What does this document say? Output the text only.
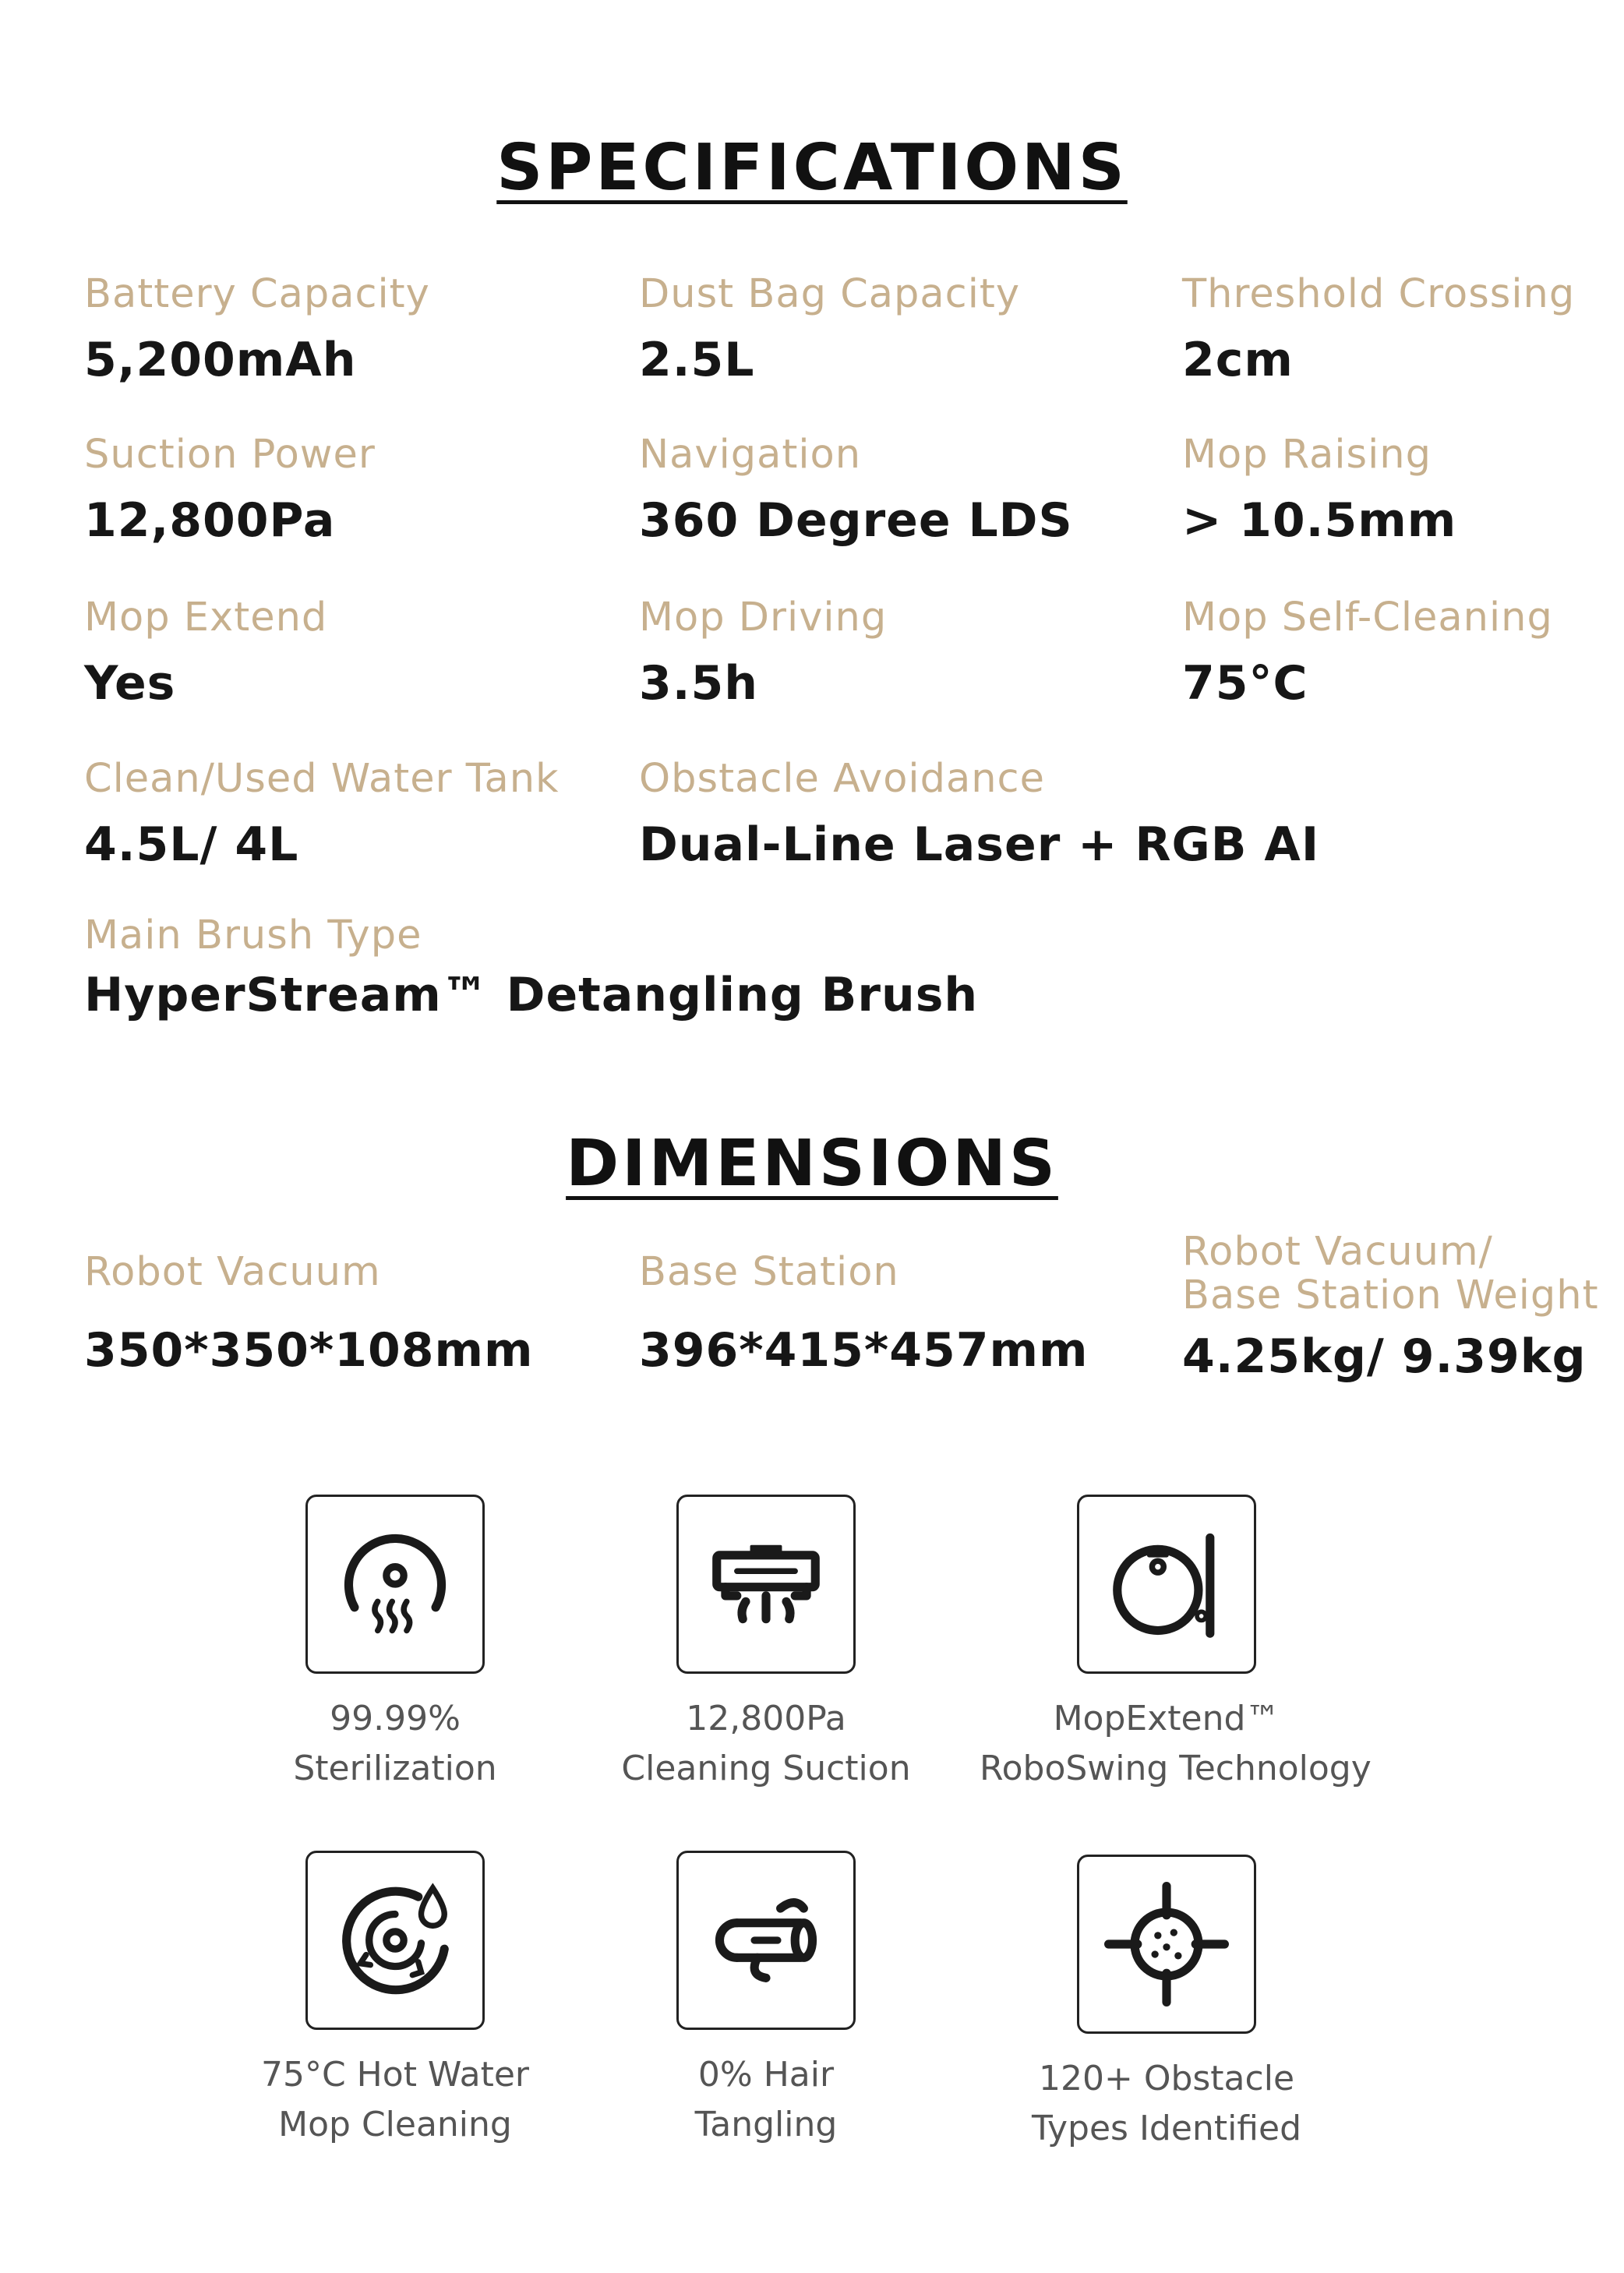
SPECIFICATIONS
Battery Capacity
5,200mAh
Dust Bag Capacity
2.5L
Threshold Crossing
2cm
Suction Power
12,800Pa
Navigation
360 Degree LDS
Mop Raising
> 10.5mm
Mop Extend
Yes
Mop Driving
3.5h
Mop Self-Cleaning
75°C
Clean/Used Water Tank
4.5L/ 4L
Obstacle Avoidance
Dual-Line Laser + RGB AI
Main Brush Type
HyperStream™ Detangling Brush
DIMENSIONS
Robot Vacuum
350*350*108mm
Base Station
396*415*457mm
Robot Vacuum/
Base Station Weight
4.25kg/ 9.39kg
99.99%
Sterilization
12,800Pa
Cleaning Suction
MopExtend™
RoboSwing Technology
75°C Hot Water
Mop Cleaning
0% Hair
Tangling
120+ Obstacle
Types Identified
